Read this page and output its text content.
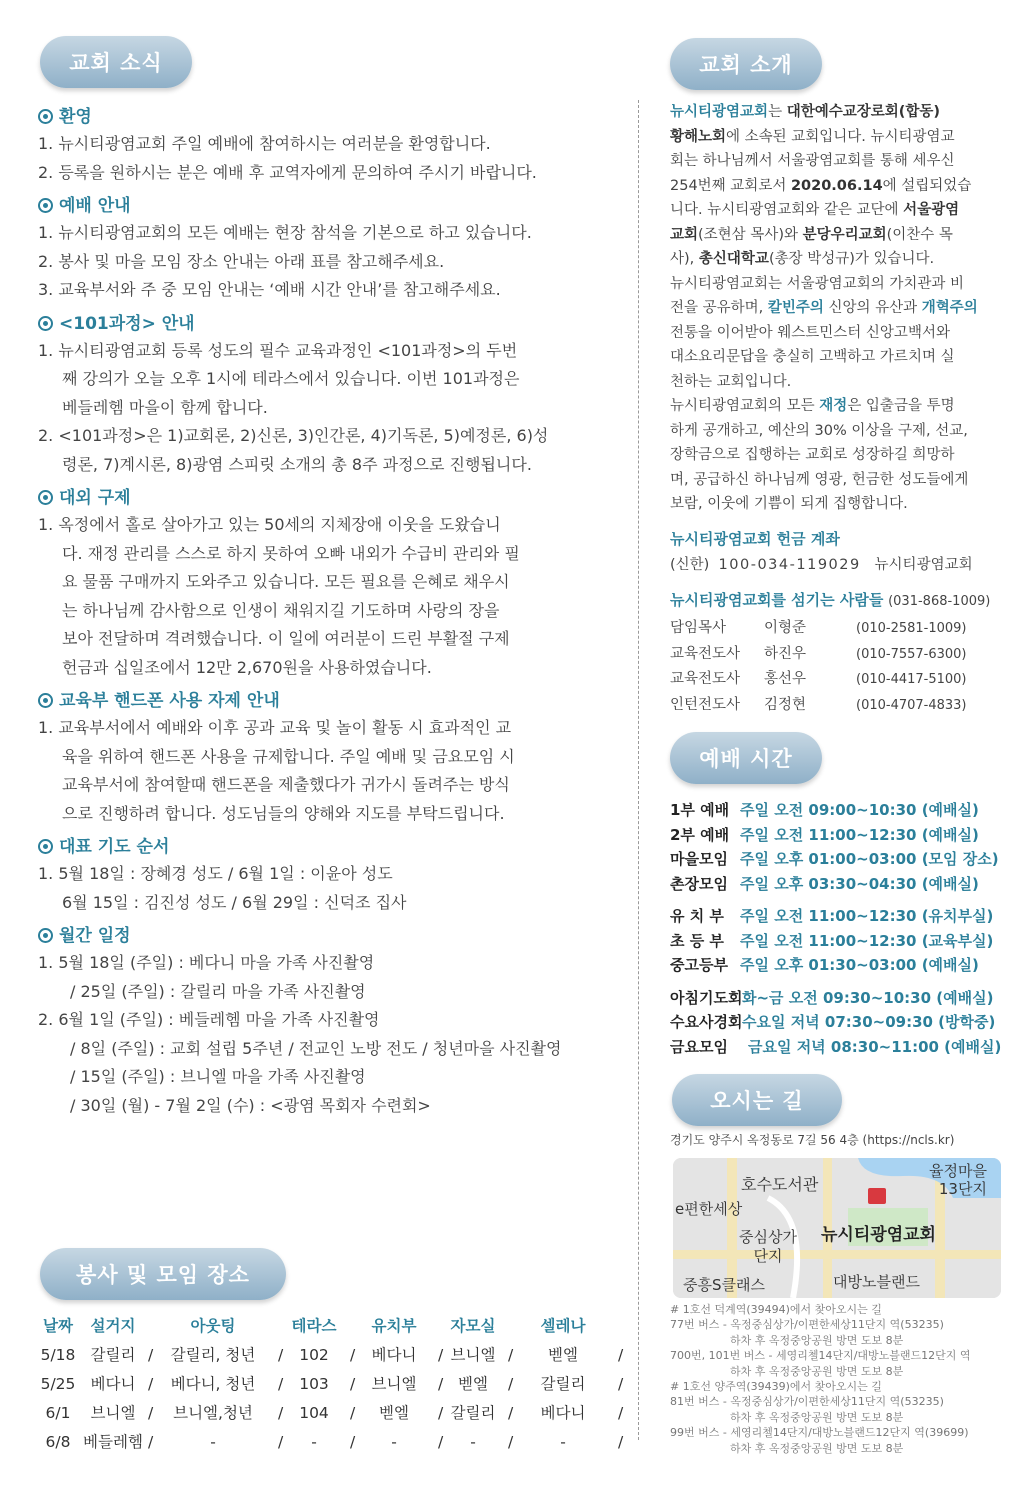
교회 소식	교회 소개
예배 시간
오시는 길
봉사 및 모임 장소
환영
1. 뉴시티광염교회 주일 예배에 참여하시는 여러분을 환영합니다.
2. 등록을 원하시는 분은 예배 후 교역자에게 문의하여 주시기 바랍니다.
예배 안내
1. 뉴시티광염교회의 모든 예배는 현장 참석을 기본으로 하고 있습니다.
2. 봉사 및 마을 모임 장소 안내는 아래 표를 참고해주세요.
3. 교육부서와 주 중 모임 안내는 ‘예배 시간 안내’를 참고해주세요.
<101과정> 안내
1. 뉴시티광염교회 등록 성도의 필수 교육과정인 <101과정>의 두번
째 강의가 오늘 오후 1시에 테라스에서 있습니다. 이번 101과정은
베들레헴 마을이 함께 합니다.
2. <101과정>은 1)교회론, 2)신론, 3)인간론, 4)기독론, 5)예정론, 6)성
령론, 7)계시론, 8)광염 스피릿 소개의 총 8주 과정으로 진행됩니다.
대외 구제
1. 옥정에서 홀로 살아가고 있는 50세의 지체장애 이웃을 도왔습니
다. 재정 관리를 스스로 하지 못하여 오빠 내외가 수급비 관리와 필
요 물품 구매까지 도와주고 있습니다. 모든 필요를 은혜로 채우시
는 하나님께 감사함으로 인생이 채워지길 기도하며 사랑의 장을
보아 전달하며 격려했습니다. 이 일에 여러분이 드린 부활절 구제
헌금과 십일조에서 12만 2,670원을 사용하였습니다.
교육부 핸드폰 사용 자제 안내
1. 교육부서에서 예배와 이후 공과 교육 및 놀이 활동 시 효과적인 교
육을 위하여 핸드폰 사용을 규제합니다. 주일 예배 및 금요모임 시
교육부서에 참여할때 핸드폰을 제출했다가 귀가시 돌려주는 방식
으로 진행하려 합니다. 성도님들의 양해와 지도를 부탁드립니다.
대표 기도 순서
1. 5월 18일 : 장혜경 성도 / 6월 1일 : 이윤아 성도
6월 15일 : 김진성 성도 / 6월 29일 : 신덕조 집사
월간 일정
1. 5월 18일 (주일) : 베다니 마을 가족 사진촬영
/ 25일 (주일) : 갈릴리 마을 가족 사진촬영
2. 6월 1일 (주일) : 베들레헴 마을 가족 사진촬영
/ 8일 (주일) : 교회 설립 5주년 / 전교인 노방 전도 / 청년마을 사진촬영
/ 15일 (주일) : 브니엘 마을 가족 사진촬영
/ 30일 (월) - 7월 2일 (수) : <광염 목회자 수련회>
날짜	설거지	아웃팅	테라스	유치부	자모실	셀레나
5/18 갈릴리 /	갈릴리, 청년	/	102	/	베다니	/ 브니엘 /	벧엘	/
5/25 베다니 /	베다니, 청년	/	103	/	브니엘	/ 벧엘	/	갈릴리	/
6/1	브니엘 /	브니엘,청년	/	104	/	벧엘	/ 갈릴리 /	베다니	/
6/8 베들레헴 /	-	/	-	/	-	/	-	/	-	/

뉴시티광염교회는 대한예수교장로회(합동)

황해노회에 소속된 교회입니다. 뉴시티광염교

회는 하나님께서 서울광염교회를 통해 세우신

254번째 교회로서 2020.06.14에 설립되었습

니다. 뉴시티광염교회와 같은 교단에 서울광염

교회(조현삼 목사)와 분당우리교회(이찬수 목

사), 총신대학교(총장 박성규)가 있습니다.

뉴시티광염교회는 서울광염교회의 가치관과 비

전을 공유하며, 칼빈주의 신앙의 유산과 개혁주의

전통을 이어받아 웨스트민스터 신앙고백서와

대소요리문답을 충실히 고백하고 가르치며 실

천하는 교회입니다.

뉴시티광염교회의 모든 재정은 입출금을 투명

하게 공개하고, 예산의 30% 이상을 구제, 선교,

장학금으로 집행하는 교회로 성장하길 희망하

며, 공급하신 하나님께 영광, 헌금한 성도들에게

보람, 이웃에 기쁨이 되게 집행합니다.

뉴시티광염교회 헌금 계좌
(신한) 100-034-119029 뉴시티광염교회
뉴시티광염교회를 섬기는 사람들 (031-868-1009)
담임목사	이형준	(010-2581-1009)
교육전도사	하진우	(010-7557-6300)
교육전도사	홍선우	(010-4417-5100)
인턴전도사	김정현	(010-4707-4833)
1부 예배 주일 오전 09:00~10:30 (예배실)
2부 예배 주일 오전 11:00~12:30 (예배실)
마을모임 주일 오후 01:00~03:00 (모임 장소)
촌장모임 주일 오후 03:30~04:30 (예배실)
유 치 부	주일 오전 11:00~12:30 (유치부실)
초 등 부	주일 오전 11:00~12:30 (교육부실)
중고등부 주일 오후 01:30~03:00 (예배실)
아침기도회 화~금 오전 09:30~10:30 (예배실)
수요사경회 수요일 저녁 07:30~09:30 (방학중)
금요모임	금요일 저녁 08:30~11:00 (예배실)
경기도 양주시 옥정동로 7길 56 4층 (https://ncls.kr)
호수도서관
율정마을
13단지
e편한세상
중심상가
단지
뉴시티광염교회
중흥S클래스	대방노블랜드

# 1호선 덕계역(39494)에서 찾아오시는 길

77번 버스 - 옥정중심상가/이편한세상11단지 역(53235)

하차 후 옥정중앙공원 방면 도보 8분

700번, 101번 버스 - 세영리첼14단지/대방노블랜드12단지 역

하차 후 옥정중앙공원 방면 도보 8분

# 1호선 양주역(39439)에서 찾아오시는 길

81번 버스 - 옥정중심상가/이편한세상11단지 역(53235)

하차 후 옥정중앙공원 방면 도보 8분

99번 버스 - 세영리첼14단지/대방노블랜드12단지 역(39699)

하차 후 옥정중앙공원 방면 도보 8분
